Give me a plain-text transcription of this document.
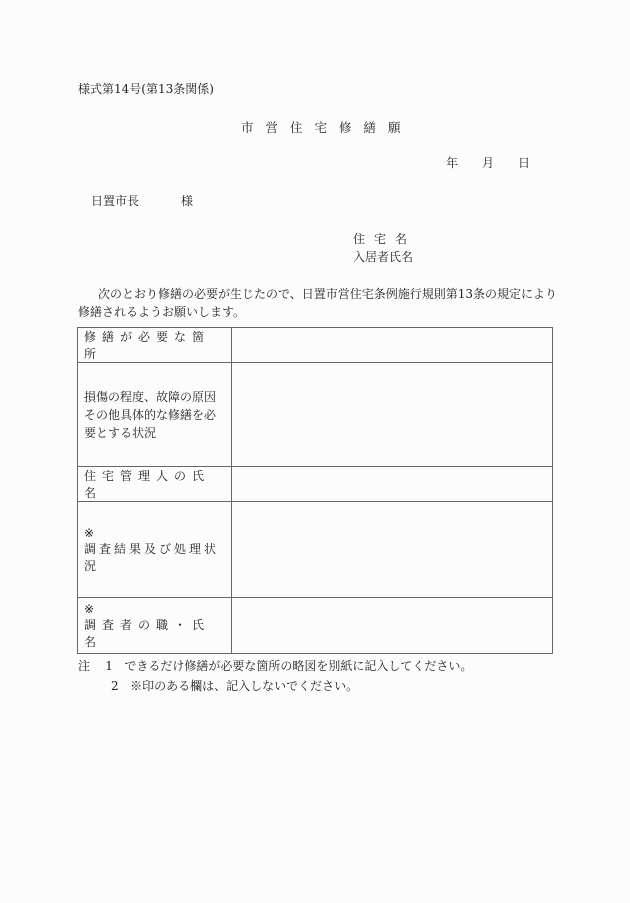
様式第14号(第13条関係)
市営住宅修繕願
年 月 日
日置市長	様
住宅名
入居者氏名
次のとおり修繕の必要が生じたので、日置市営住宅条例施行規則第13条の規定により修繕されるようお願いします。
修繕が必要な箇所	
損傷の程度、故障の原因その他具体的な修繕を必要とする状況	
住宅管理人の氏名	

※
調査結果及び処理状況	

※
調査者の職・氏名	

注 1 できるだけ修繕が必要な箇所の略図を別紙に記入してください。
2 ※印のある欄は、記入しないでください。
